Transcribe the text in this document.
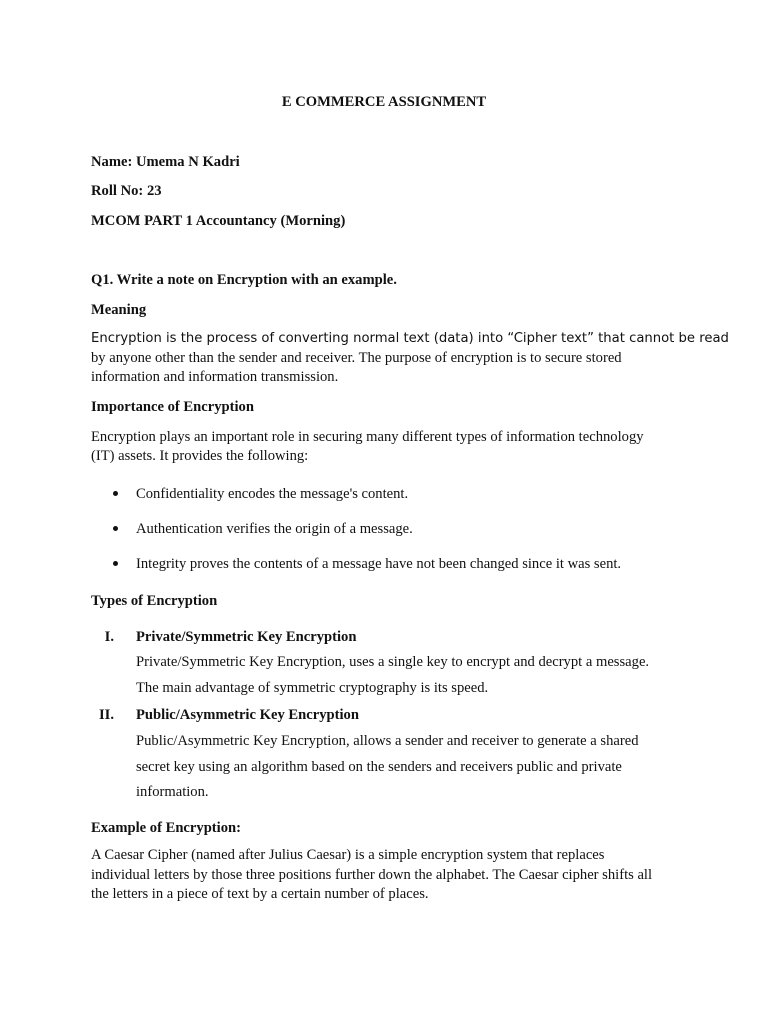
E COMMERCE ASSIGNMENT
Name: Umema N Kadri
Roll No: 23
MCOM PART 1 Accountancy (Morning)
Q1. Write a note on Encryption with an example.
Meaning
Encryption is the process of converting normal text (data) into “Cipher text” that cannot be read
by anyone other than the sender and receiver. The purpose of encryption is to secure stored
information and information transmission.
Importance of Encryption
Encryption plays an important role in securing many different types of information technology
(IT) assets. It provides the following:
Confidentiality encodes the message's content.
Authentication verifies the origin of a message.
Integrity proves the contents of a message have not been changed since it was sent.
Types of Encryption
I. Private/Symmetric Key Encryption
Private/Symmetric Key Encryption, uses a single key to encrypt and decrypt a message.
The main advantage of symmetric cryptography is its speed.
II. Public/Asymmetric Key Encryption
Public/Asymmetric Key Encryption, allows a sender and receiver to generate a shared
secret key using an algorithm based on the senders and receivers public and private
information.
Example of Encryption:
A Caesar Cipher (named after Julius Caesar) is a simple encryption system that replaces
individual letters by those three positions further down the alphabet. The Caesar cipher shifts all
the letters in a piece of text by a certain number of places.
